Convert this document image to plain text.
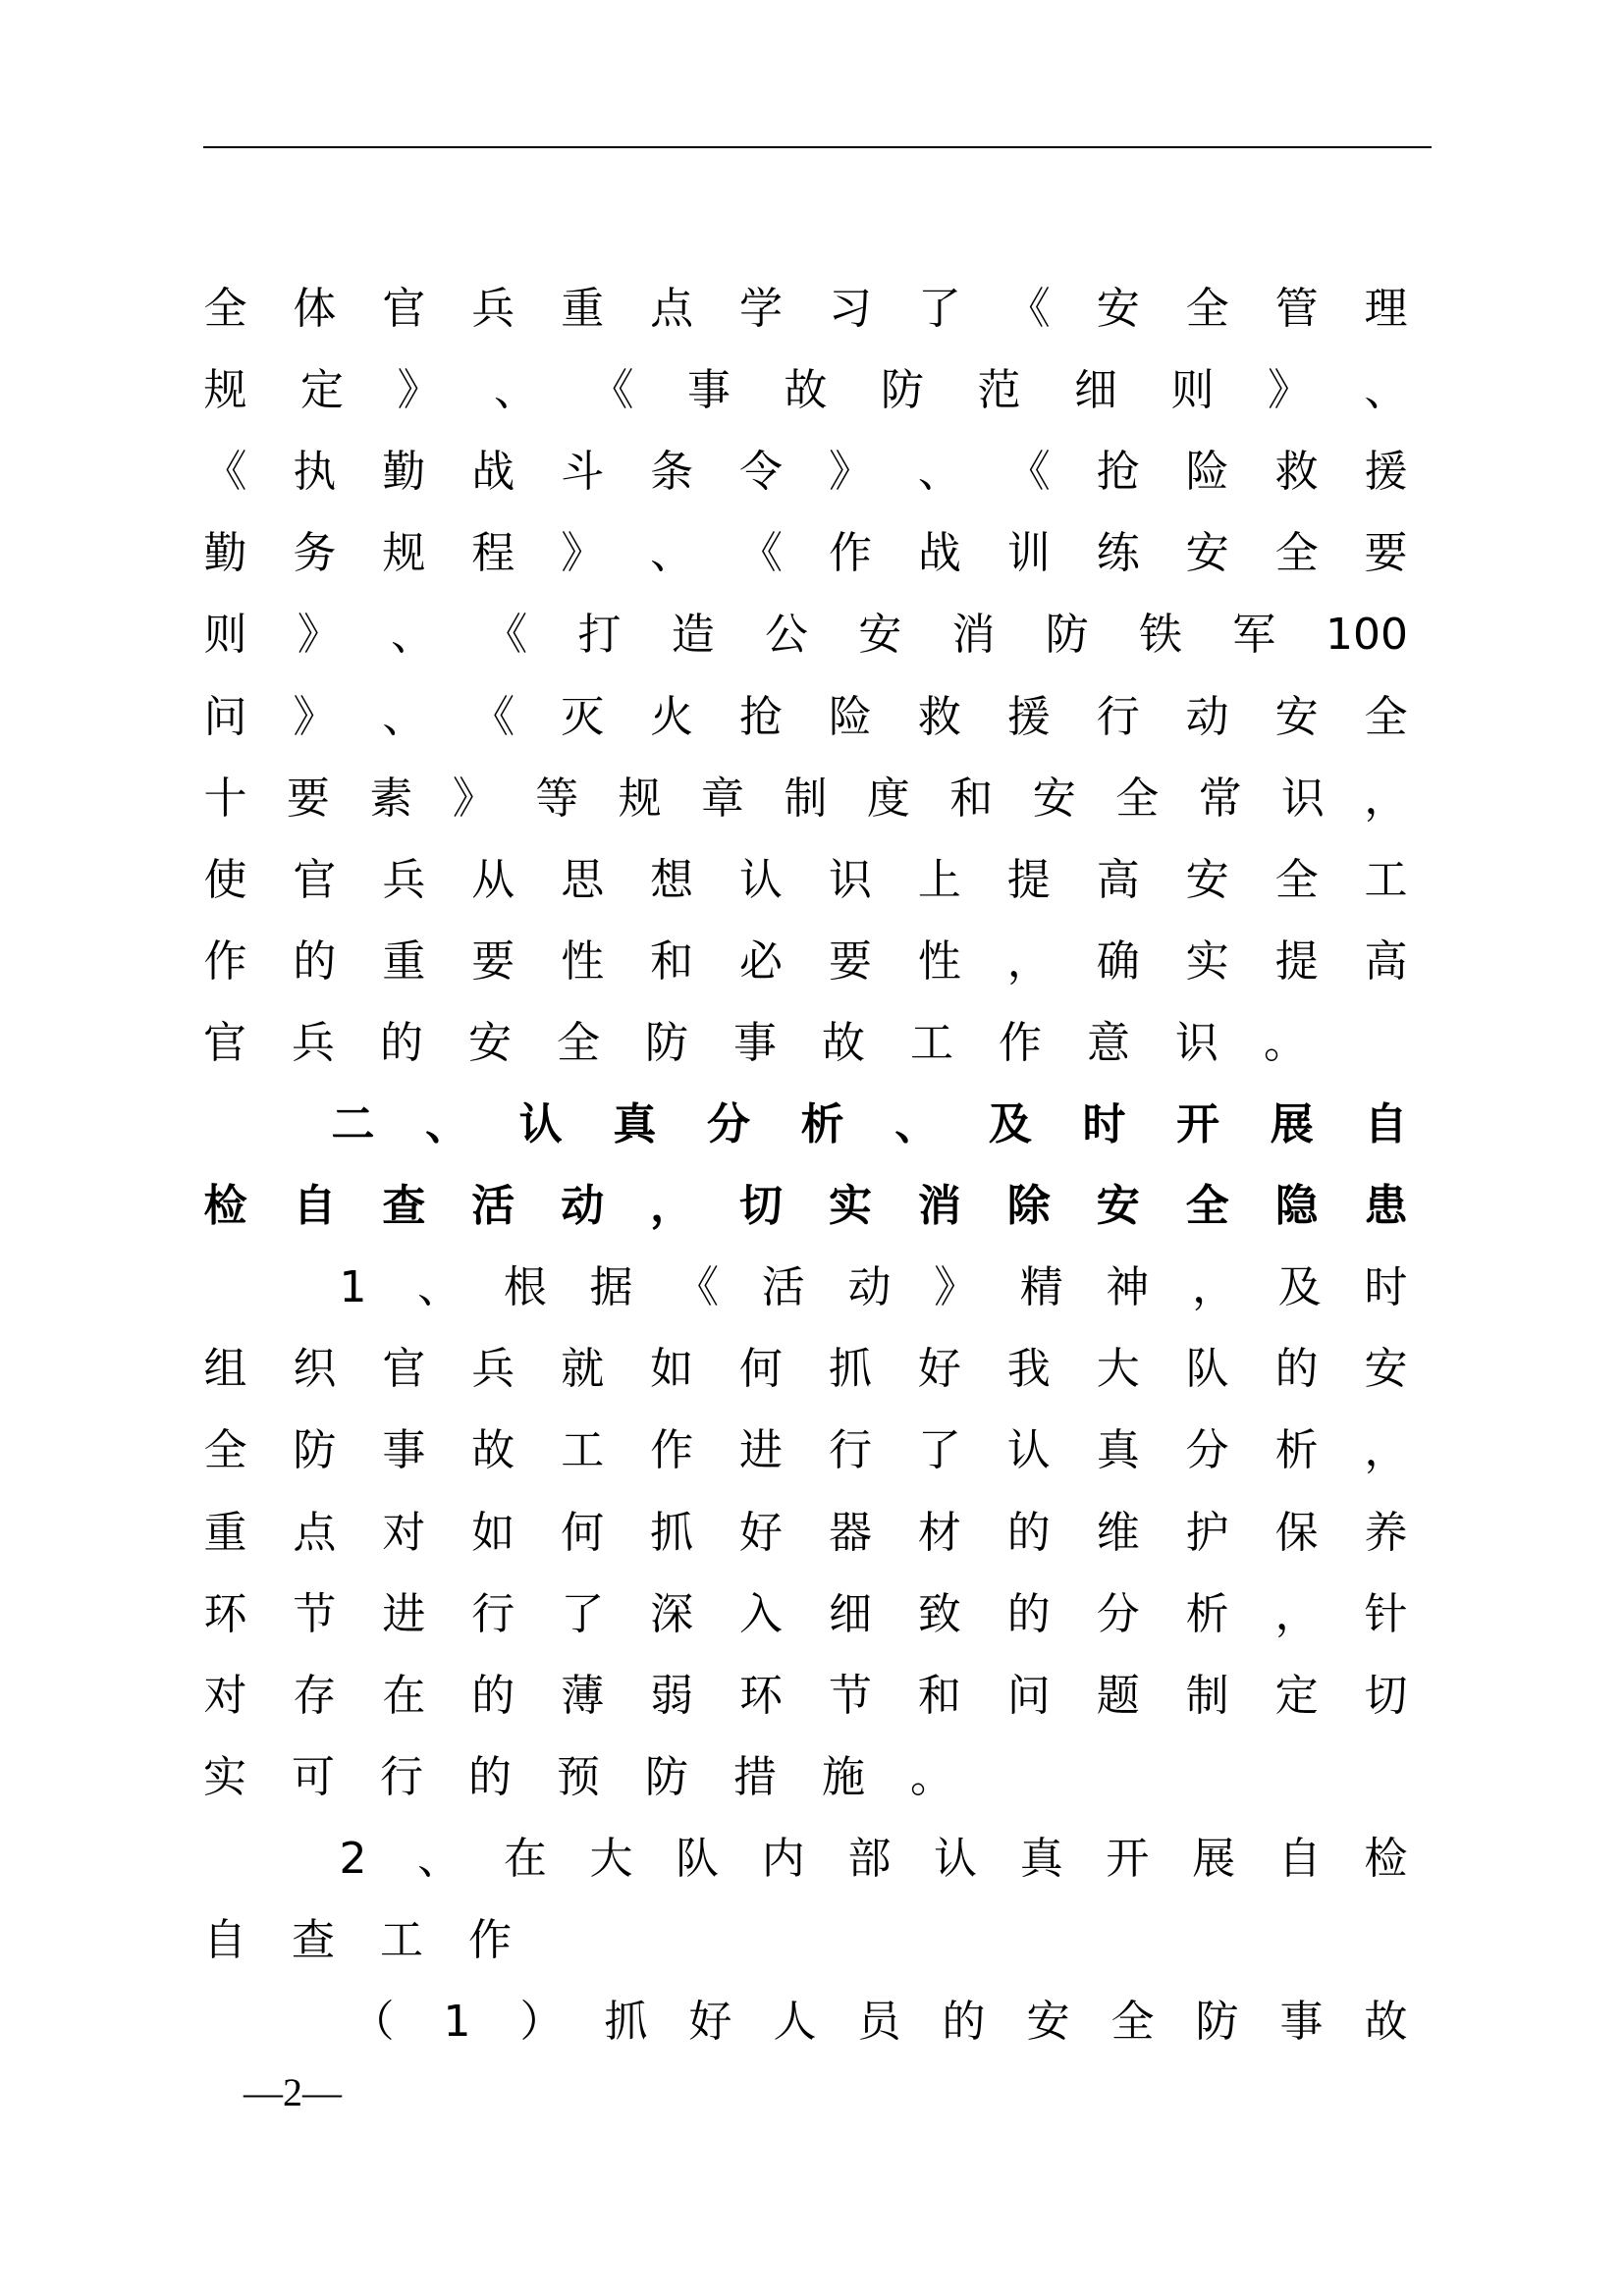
全 体 官 兵 重 点 学 习 了 《 安 全 管 理
规 定 》 、 《 事 故 防 范 细 则 》 、
《 执 勤 战 斗 条 令 》 、 《 抢 险 救 援
勤 务 规 程 》 、 《 作 战 训 练 安 全 要
则 》 、 《 打 造 公 安 消 防 铁 军 100
问 》 、 《 灭 火 抢 险 救 援 行 动 安 全
十 要 素 》 等 规 章 制 度 和 安 全 常 识 ，
使 官 兵 从 思 想 认 识 上 提 高 安 全 工
作 的 重 要 性 和 必 要 性 ， 确 实 提 高
官兵的安全防事故工作意识。
二 、 认 真 分 析 、 及 时 开 展 自
检 自 查 活 动 ， 切 实 消 除 安 全 隐 患
1 、 根 据 《 活 动 》 精 神 ， 及 时
组 织 官 兵 就 如 何 抓 好 我 大 队 的 安
全 防 事 故 工 作 进 行 了 认 真 分 析 ，
重 点 对 如 何 抓 好 器 材 的 维 护 保 养
环 节 进 行 了 深 入 细 致 的 分 析 ， 针
对 存 在 的 薄 弱 环 节 和 问 题 制 定 切
实可行的预防措施。
2 、 在 大 队 内 部 认 真 开 展 自 检
自查工作
（ 1 ） 抓 好 人 员 的 安 全 防 事 故
—2—
